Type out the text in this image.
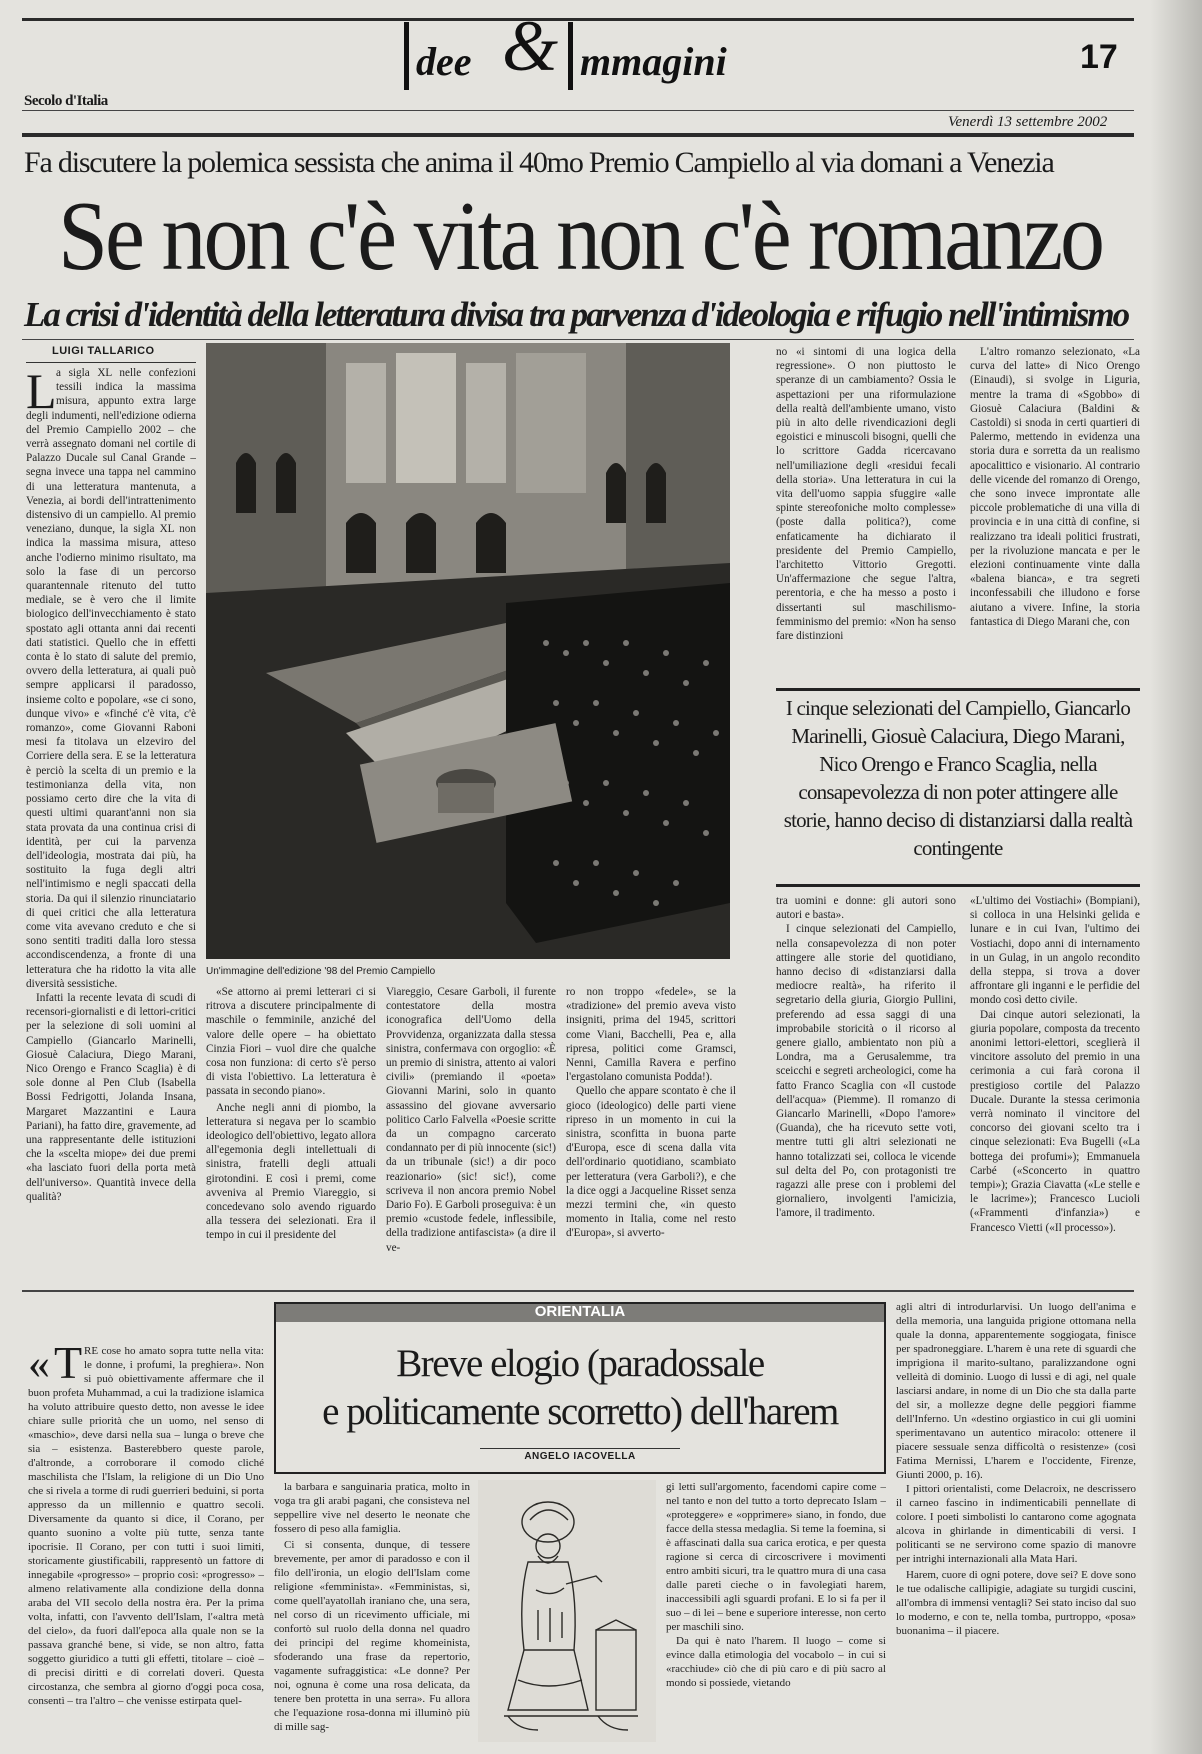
dee & mmagini	17
Secolo d'Italia
Venerdì 13 settembre 2002
Fa discutere la polemica sessista che anima il 40mo Premio Campiello al via domani a Venezia
Se non c'è vita non c'è romanzo
La crisi d'identità della letteratura divisa tra parvenza d'ideologia e rifugio nell'intimismo
LUIGI TALLARICO
L a sigla XL nelle confezioni tessili indica la massima misura, appunto extra large degli indumenti, nell'edizione odierna del Premio Campiello 2002 – che verrà assegnato domani nel cortile di Palazzo Ducale sul Canal Grande – segna invece una tappa nel cammino di una letteratura mantenuta, a Venezia, ai bordi dell'intrattenimento distensivo di un campiello. Al premio veneziano, dunque, la sigla XL non indica la massima misura, atteso anche l'odierno minimo risultato, ma solo la fase di un percorso quarantennale ritenuto del tutto mediale, se è vero che il limite biologico dell'invecchiamento è stato spostato agli ottanta anni dai recenti dati statistici. Quello che in effetti conta è lo stato di salute del premio, ovvero della letteratura, ai quali può sempre applicarsi il paradosso, insieme colto e popolare, «se ci sono, dunque vivo» e «finché c'è vita, c'è romanzo», come Giovanni Raboni mesi fa titolava un elzeviro del Corriere della sera. E se la letteratura è perciò la scelta di un premio e la testimonianza della vita, non possiamo certo dire che la vita di questi ultimi quarant'anni non sia stata provata da una continua crisi di identità, per cui la parvenza dell'ideologia, mostrata dai più, ha sostituito la fuga degli altri nell'intimismo e negli spaccati della storia. Da qui il silenzio rinunciatario di quei critici che alla letteratura come vita avevano creduto e che si sono sentiti traditi dalla loro stessa accondiscendenza, a fronte di una letteratura che ha ridotto la vita alle diversità sessistiche.

Infatti la recente levata di scudi di recensori-giornalisti e di lettori-critici per la selezione di soli uomini al Campiello (Giancarlo Marinelli, Giosuè Calaciura, Diego Marani, Nico Orengo e Franco Scaglia) è di sole donne al Pen Club (Isabella Bossi Fedrigotti, Jolanda Insana, Margaret Mazzantini e Laura Pariani), ha fatto dire, gravemente, ad una rappresentante delle istituzioni che la «scelta miope» dei due premi «ha lasciato fuori della porta metà dell'universo». Quantità invece della qualità?

Un'immagine dell'edizione '98 del Premio Campiello
no «i sintomi di una logica della regressione». O non piuttosto le speranze di un cambiamento? Ossia le aspettazioni per una riformulazione della realtà dell'ambiente umano, visto più in alto delle rivendicazioni degli egoistici e minuscoli bisogni, quelli che lo scrittore Gadda ricercavano nell'umiliazione degli «residui fecali della storia». Una letteratura in cui la vita dell'uomo sappia sfuggire «alle spinte stereofoniche molto complesse» (poste dalla politica?), come enfaticamente ha dichiarato il presidente del Premio Campiello, l'architetto Vittorio Gregotti. Un'affermazione che segue l'altra, perentoria, e che ha messo a posto i dissertanti sul maschilismo-femminismo del premio: «Non ha senso fare distinzioni

L'altro romanzo selezionato, «La curva del latte» di Nico Orengo (Einaudi), si svolge in Liguria, mentre la trama di «Sgobbo» di Giosuè Calaciura (Baldini & Castoldi) si snoda in certi quartieri di Palermo, mettendo in evidenza una storia dura e sorretta da un realismo apocalittico e visionario. Al contrario delle vicende del romanzo di Orengo, che sono invece improntate alle piccole problematiche di una villa di provincia e in una città di confine, si realizzano tra ideali politici frustrati, per la rivoluzione mancata e per le elezioni continuamente vinte dalla «balena bianca», e tra segreti inconfessabili che illudono e forse aiutano a vivere. Infine, la storia fantastica di Diego Marani che, con

I cinque selezionati del Campiello, Giancarlo Marinelli, Giosuè Calaciura, Diego Marani, Nico Orengo e Franco Scaglia, nella consapevolezza di non poter attingere alle storie, hanno deciso di distanziarsi dalla realtà contingente
tra uomini e donne: gli autori sono autori e basta».

I cinque selezionati del Campiello, nella consapevolezza di non poter attingere alle storie del quotidiano, hanno deciso di «distanziarsi dalla mediocre realtà», ha riferito il segretario della giuria, Giorgio Pullini, preferendo ad essa saggi di una improbabile storicità o il ricorso al genere giallo, ambientato non più a Londra, ma a Gerusalemme, tra sceicchi e segreti archeologici, come ha fatto Franco Scaglia con «Il custode dell'acqua» (Piemme). Il romanzo di Giancarlo Marinelli, «Dopo l'amore» (Guanda), che ha ricevuto sette voti, mentre tutti gli altri selezionati ne hanno totalizzati sei, colloca le vicende sul delta del Po, con protagonisti tre ragazzi alle prese con i problemi del giornaliero, involgenti l'amicizia, l'amore, il tradimento.

«L'ultimo dei Vostiachi» (Bompiani), si colloca in una Helsinki gelida e lunare e in cui Ivan, l'ultimo dei Vostiachi, dopo anni di internamento in un Gulag, in un angolo recondito della steppa, si trova a dover affrontare gli inganni e le perfidie del mondo così detto civile.

Dai cinque autori selezionati, la giuria popolare, composta da trecento anonimi lettori-elettori, sceglierà il vincitore assoluto del premio in una cerimonia a cui farà corona il prestigioso cortile del Palazzo Ducale. Durante la stessa cerimonia verrà nominato il vincitore del concorso dei giovani scelto tra i cinque selezionati: Eva Bugelli («La bottega dei profumi»); Emmanuela Carbé («Sconcerto in quattro tempi»); Grazia Ciavatta («Le stelle e le lacrime»); Francesco Lucioli («Frammenti d'infanzia») e Francesco Vietti («Il processo»).

«Se attorno ai premi letterari ci si ritrova a discutere principalmente di maschile o femminile, anziché del valore delle opere – ha obiettato Cinzia Fiori – vuol dire che qualche cosa non funziona: di certo s'è perso di vista l'obiettivo. La letteratura è passata in secondo piano».

Anche negli anni di piombo, la letteratura si negava per lo scambio ideologico dell'obiettivo, legato allora all'egemonia degli intellettuali di sinistra, fratelli degli attuali girotondini. E così i premi, come avveniva al Premio Viareggio, si concedevano solo avendo riguardo alla tessera dei selezionati. Era il tempo in cui il presidente del

Viareggio, Cesare Garboli, il furente contestatore della mostra iconografica dell'Uomo della Provvidenza, organizzata dalla stessa sinistra, confermava con orgoglio: «È un premio di sinistra, attento ai valori civili» (premiando il «poeta» Giovanni Marini, solo in quanto assassino del giovane avversario politico Carlo Falvella «Poesie scritte da un compagno carcerato condannato per di più innocente (sic!) da un tribunale (sic!) a dir poco reazionario» (sic! sic!), come scriveva il non ancora premio Nobel Dario Fo). E Garboli proseguiva: è un premio «custode fedele, inflessibile, della tradizione antifascista» (a dire il ve-
ro non troppo «fedele», se la «tradizione» del premio aveva visto insigniti, prima del 1945, scrittori come Viani, Bacchelli, Pea e, alla ripresa, politici come Gramsci, Nenni, Camilla Ravera e perfino l'ergastolano comunista Podda!).

Quello che appare scontato è che il gioco (ideologico) delle parti viene ripreso in un momento in cui la sinistra, sconfitta in buona parte d'Europa, esce di scena dalla vita dell'ordinario quotidiano, scambiato per letteratura (vera Garboli?), e che la dice oggi a Jacqueline Risset senza mezzi termini che, «in questo momento in Italia, come nel resto d'Europa», si avverto-

ORIENTALIA
Breve elogio (paradossale
e politicamente scorretto) dell'harem
ANGELO IACOVELLA
« T RE cose ho amato sopra tutte nella vita: le donne, i profumi, la preghiera». Non si può obiettivamente affermare che il buon profeta Muhammad, a cui la tradizione islamica ha voluto attribuire questo detto, non avesse le idee chiare sulle priorità che un uomo, nel senso di «maschio», deve darsi nella sua – lunga o breve che sia – esistenza. Basterebbero queste parole, d'altronde, a corroborare il comodo cliché maschilista che l'Islam, la religione di un Dio Uno che si rivela a torme di rudi guerrieri beduini, si porta appresso da un millennio e quattro secoli. Diversamente da quanto si dice, il Corano, per quanto suonino a volte più tutte, senza tante ipocrisie. Il Corano, per con tutti i suoi limiti, storicamente giustificabili, rappresentò un fattore di innegabile «progresso» – proprio così: «progresso» – almeno relativamente alla condizione della donna araba del VII secolo della nostra èra. Per la prima volta, infatti, con l'avvento dell'Islam, l'«altra metà del cielo», da fuori dall'epoca alla quale non se la passava granché bene, si vide, se non altro, fatta soggetto giuridico a tutti gli effetti, titolare – cioè – di precisi diritti e di correlati doveri. Questa circostanza, che sembra al giorno d'oggi poca cosa, consentì – tra l'altro – che venisse estirpata quel-

la barbara e sanguinaria pratica, molto in voga tra gli arabi pagani, che consisteva nel seppellire vive nel deserto le neonate che fossero di peso alla famiglia.

Ci si consenta, dunque, di tessere brevemente, per amor di paradosso e con il filo dell'ironia, un elogio dell'Islam come religione «femminista». «Femministas, sì, come quell'ayatollah iraniano che, una sera, nel corso di un ricevimento ufficiale, mi confortò sul ruolo della donna nel quadro dei principi del regime khomeinista, sfoderando una frase da repertorio, vagamente sufraggistica: «Le donne? Per noi, ognuna è come una rosa delicata, da tenere ben protetta in una serra». Fu allora che l'equazione rosa-donna mi illuminò più di mille sag-

gi letti sull'argomento, facendomi capire come – nel tanto e non del tutto a torto deprecato Islam – «proteggere» e «opprimere» siano, in fondo, due facce della stessa medaglia. Si teme la foemina, si è affascinati dalla sua carica erotica, e per questa ragione si cerca di circoscrivere i movimenti entro ambiti sicuri, tra le quattro mura di una casa dalle pareti cieche o in favolegiati harem, inaccessibili agli sguardi profani. E lo si fa per il suo – di lei – bene e superiore interesse, non certo per maschili sino.

Da qui è nato l'harem. Il luogo – come si evince dalla etimologia del vocabolo – in cui si «racchiude» ciò che di più caro e di più sacro al mondo si possiede, vietando

agli altri di introdurlarvisi. Un luogo dell'anima e della memoria, una languida prigione ottomana nella quale la donna, apparentemente soggiogata, finisce per spadroneggiare. L'harem è una rete di sguardi che imprigiona il marito-sultano, paralizzandone ogni velleità di dominio. Luogo di lussi e di agi, nel quale lasciarsi andare, in nome di un Dio che sta dalla parte del sir, a mollezze degne delle peggiori fiamme dell'Inferno. Un «destino orgiastico in cui gli uomini sperimentavano un autentico miracolo: ottenere il piacere sessuale senza difficoltà o resistenze» (così Fatima Mernissi, L'harem e l'occidente, Firenze, Giunti 2000, p. 16).

I pittori orientalisti, come Delacroix, ne descrissero il carneo fascino in indimenticabili pennellate di colore. I poeti simbolisti lo cantarono come agognata alcova in ghirlande in dimenticabili di versi. I politicanti se ne servirono come spazio di manovre per intrighi internazionali alla Mata Hari.

Harem, cuore di ogni potere, dove sei? E dove sono le tue odalische callipigie, adagiate su turgidi cuscini, all'ombra di immensi ventagli? Sei stato inciso dal suo lo moderno, e con te, nella tomba, purtroppo, «posa» buonanima – il piacere.
